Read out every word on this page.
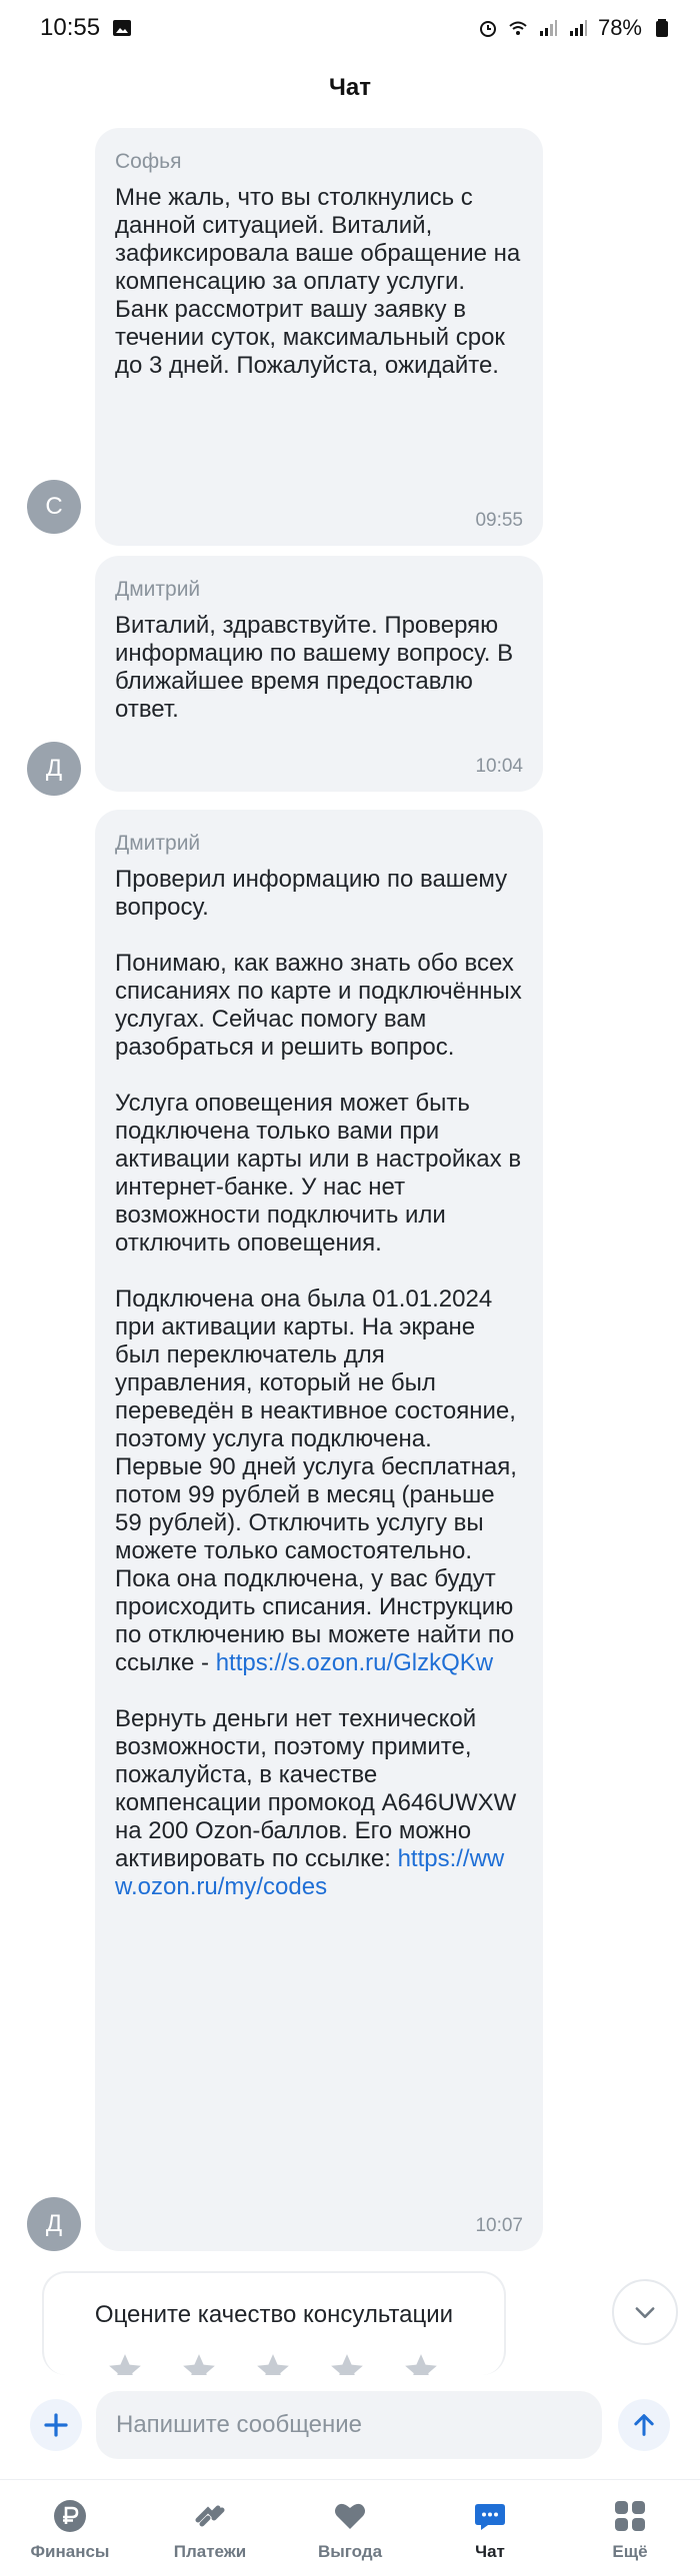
10:55	78%
Чат
Софья
Мне жаль, что вы столкнулись с данной ситуацией. Виталий, зафиксировала ваше обращение на компенсацию за оплату услуги. Банк рассмотрит вашу заявку в течении суток, максимальный срок до 3 дней. Пожалуйста, ожидайте.
09:55
С
Дмитрий
Виталий, здравствуйте. Проверяю информацию по вашему вопросу. В ближайшее время предоставлю ответ.
10:04
Д
Дмитрий
Проверил информацию по вашему вопросу.
Понимаю, как важно знать обо всех списаниях по карте и подключённых услугах. Сейчас помогу вам разобраться и решить вопрос.
Услуга оповещения может быть подключена только вами при активации карты или в настройках в интернет-банке. У нас нет возможности подключить или отключить оповещения.
Подключена она была 01.01.2024 при активации карты. На экране был переключатель для управления, который не был переведён в неактивное состояние, поэтому услуга подключена. Первые 90 дней услуга бесплатная, потом 99 рублей в месяц (раньше 59 рублей). Отключить услугу вы можете только самостоятельно. Пока она подключена, у вас будут происходить списания. Инструкцию по отключению вы можете найти по ссылке - https://s.ozon.ru/GlzkQKw
Вернуть деньги нет технической возможности, поэтому примите, пожалуйста, в качестве компенсации промокод A646UWXW на 200 Ozon-баллов. Его можно активировать по ссылке: https://www.ozon.ru/my/codes
10:07
Д
Оцените качество консультации
Напишите сообщение
Финансы	Платежи	Выгода	Чат	Ещё
